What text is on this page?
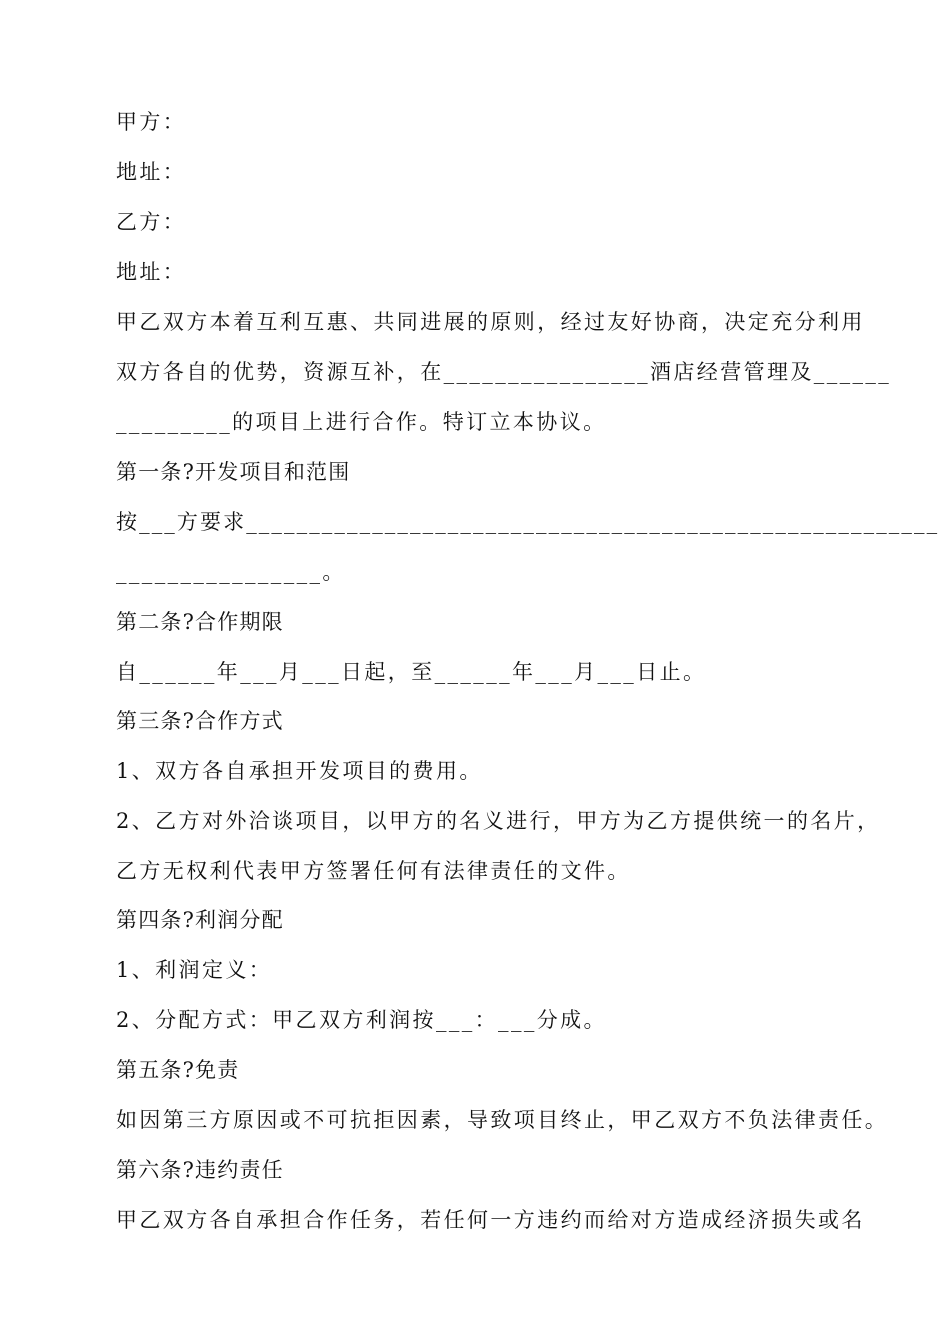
甲方：

地址：

乙方：

地址：

甲乙双方本着互利互惠、共同进展的原则，经过友好协商，决定充分利用

双方各自的优势，资源互补，在________________酒店经营管理及______

_________的项目上进行合作。特订立本协议。

第一条?开发项目和范围

按___方要求_______________________________________________________

________________。

第二条?合作期限

自______年___月___日起，至______年___月___日止。

第三条?合作方式

1、双方各自承担开发项目的费用。

2、乙方对外洽谈项目，以甲方的名义进行，甲方为乙方提供统一的名片，

乙方无权利代表甲方签署任何有法律责任的文件。

第四条?利润分配

1、利润定义：

2、分配方式：甲乙双方利润按___：___分成。

第五条?免责

如因第三方原因或不可抗拒因素，导致项目终止，甲乙双方不负法律责任。

第六条?违约责任

甲乙双方各自承担合作任务，若任何一方违约而给对方造成经济损失或名
